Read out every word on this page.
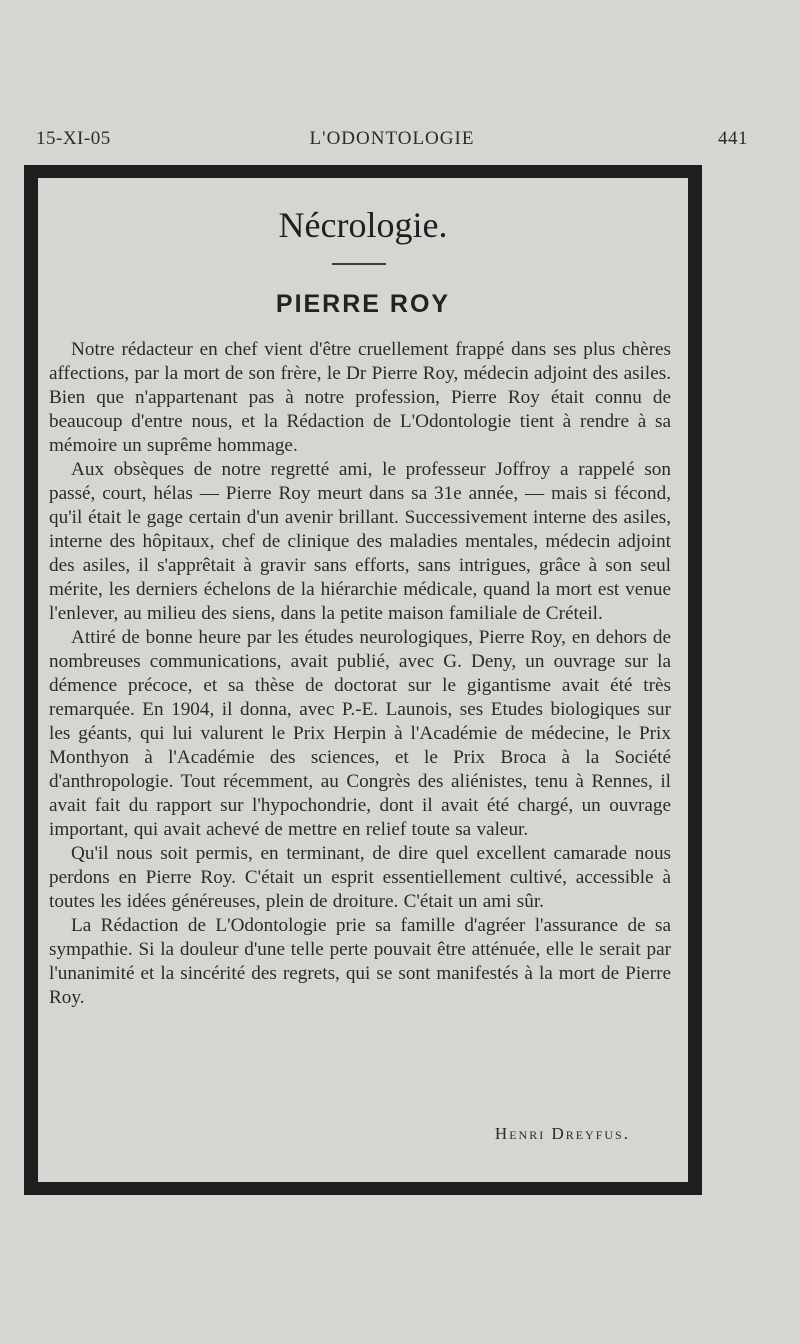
15-XI-05	L'ODONTOLOGIE	441
Nécrologie.
PIERRE ROY

Notre rédacteur en chef vient d'être cruellement frappé dans ses plus chères affections, par la mort de son frère, le Dr Pierre Roy, médecin adjoint des asiles. Bien que n'appartenant pas à notre profession, Pierre Roy était connu de beaucoup d'entre nous, et la Rédaction de L'Odontologie tient à rendre à sa mémoire un suprême hommage.

Aux obsèques de notre regretté ami, le professeur Joffroy a rappelé son passé, court, hélas — Pierre Roy meurt dans sa 31e année, — mais si fécond, qu'il était le gage certain d'un avenir brillant. Successivement interne des asiles, interne des hôpitaux, chef de clinique des maladies mentales, médecin adjoint des asiles, il s'apprêtait à gravir sans efforts, sans intrigues, grâce à son seul mérite, les derniers échelons de la hiérarchie médicale, quand la mort est venue l'enlever, au milieu des siens, dans la petite maison familiale de Créteil.

Attiré de bonne heure par les études neurologiques, Pierre Roy, en dehors de nombreuses communications, avait publié, avec G. Deny, un ouvrage sur la démence précoce, et sa thèse de doctorat sur le gigantisme avait été très remarquée. En 1904, il donna, avec P.-E. Launois, ses Etudes biologiques sur les géants, qui lui valurent le Prix Herpin à l'Académie de médecine, le Prix Monthyon à l'Académie des sciences, et le Prix Broca à la Société d'anthropologie. Tout récemment, au Congrès des aliénistes, tenu à Rennes, il avait fait du rapport sur l'hypochondrie, dont il avait été chargé, un ouvrage important, qui avait achevé de mettre en relief toute sa valeur.

Qu'il nous soit permis, en terminant, de dire quel excellent camarade nous perdons en Pierre Roy. C'était un esprit essentiellement cultivé, accessible à toutes les idées généreuses, plein de droiture. C'était un ami sûr.

La Rédaction de L'Odontologie prie sa famille d'agréer l'assurance de sa sympathie. Si la douleur d'une telle perte pouvait être atténuée, elle le serait par l'unanimité et la sincérité des regrets, qui se sont manifestés à la mort de Pierre Roy.

Henri Dreyfus.
